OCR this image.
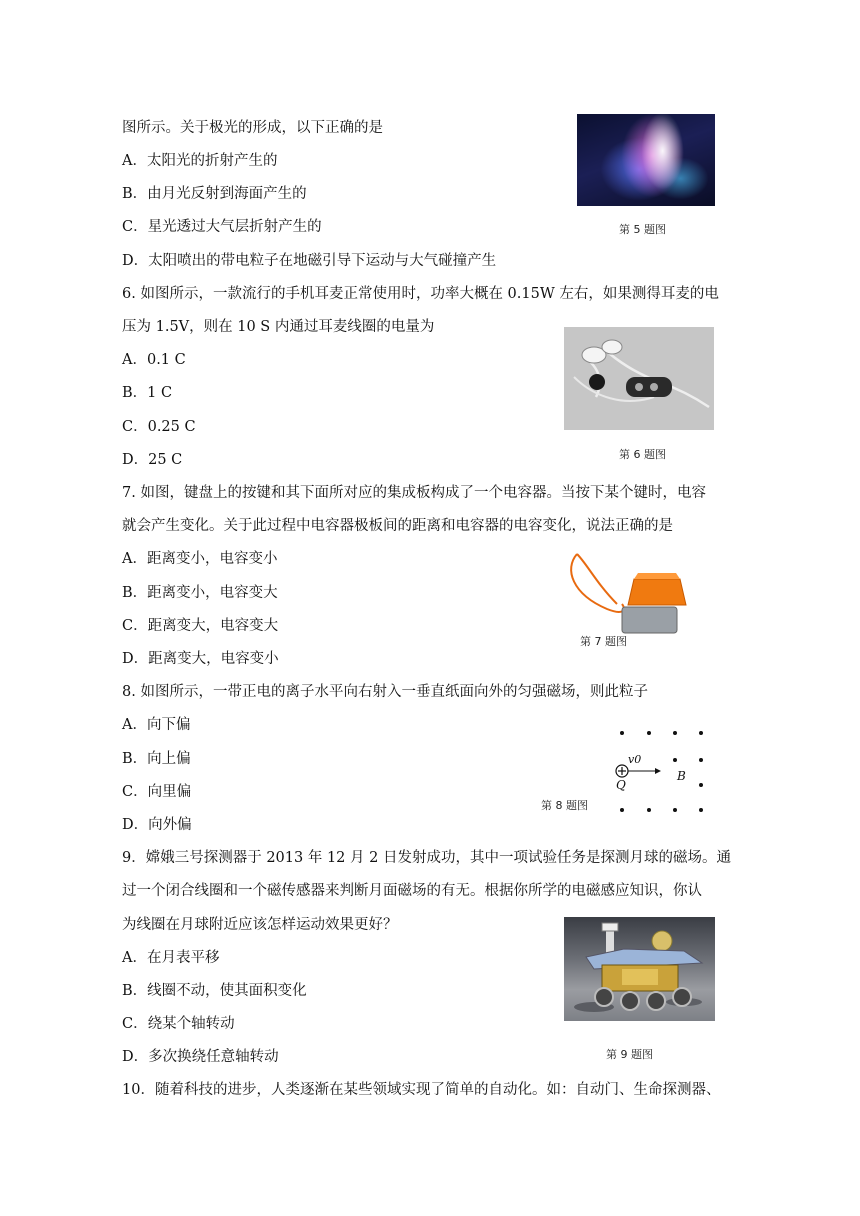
图所示。关于极光的形成，以下正确的是
A．太阳光的折射产生的
B．由月光反射到海面产生的
C．星光透过大气层折射产生的
D．太阳喷出的带电粒子在地磁引导下运动与大气碰撞产生
6. 如图所示，一款流行的手机耳麦正常使用时，功率大概在 0.15W 左右，如果测得耳麦的电
压为 1.5V，则在 10 S 内通过耳麦线圈的电量为
A．0.1 C
B．1 C
C．0.25 C
D．25 C
7. 如图，键盘上的按键和其下面所对应的集成板构成了一个电容器。当按下某个键时，电容
就会产生变化。关于此过程中电容器极板间的距离和电容器的电容变化，说法正确的是
A．距离变小，电容变小
B．距离变小，电容变大
C．距离变大，电容变大
D．距离变大，电容变小
8. 如图所示，一带正电的离子水平向右射入一垂直纸面向外的匀强磁场，则此粒子
A．向下偏
B．向上偏
C．向里偏
D．向外偏
9．嫦娥三号探测器于 2013 年 12 月 2 日发射成功，其中一项试验任务是探测月球的磁场。通
过一个闭合线圈和一个磁传感器来判断月面磁场的有无。根据你所学的电磁感应知识，你认
为线圈在月球附近应该怎样运动效果更好？
A．在月表平移
B．线圈不动，使其面积变化
C．绕某个轴转动
D．多次换绕任意轴转动
10．随着科技的进步，人类逐渐在某些领域实现了简单的自动化。如：自动门、生命探测器、
第 5 题图
第 6 题图
第 7 题图
v0
Q
B
第 8 题图
第 9 题图
